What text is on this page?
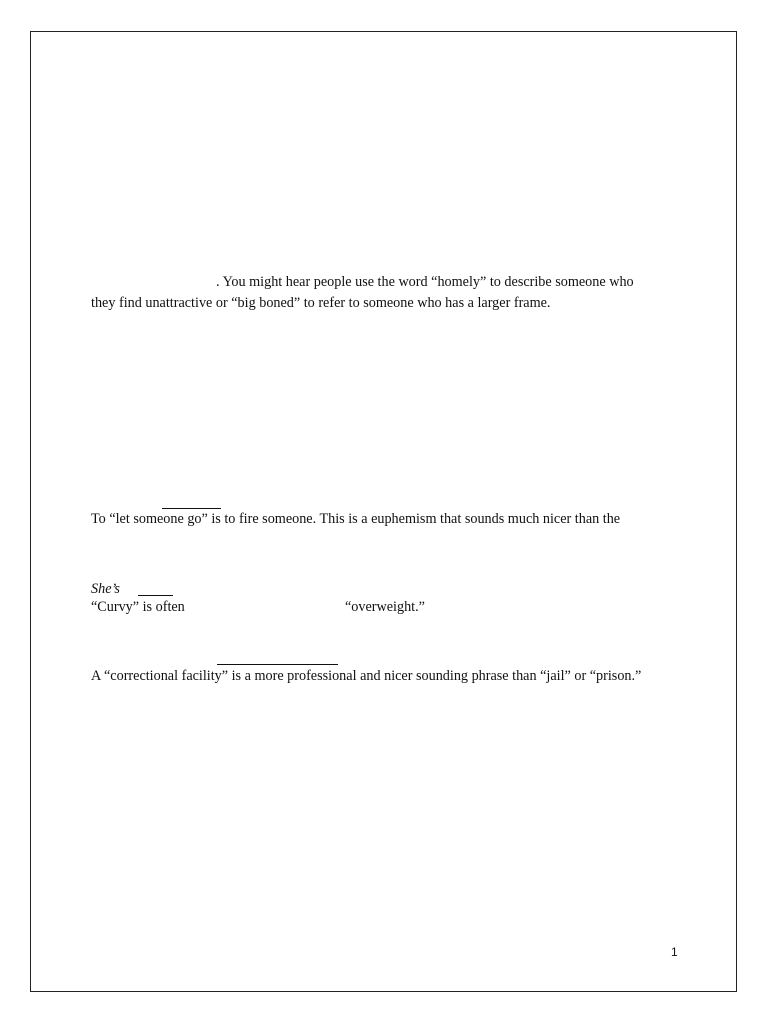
. You might hear people use the word “homely” to describe someone who
they find unattractive or “big boned” to refer to someone who has a larger frame.
To “let someone go” is to fire someone. This is a euphemism that sounds much nicer than the
She’s
“Curvy” is often	“overweight.”
A “correctional facility” is a more professional and nicer sounding phrase than “jail” or “prison.”
1
